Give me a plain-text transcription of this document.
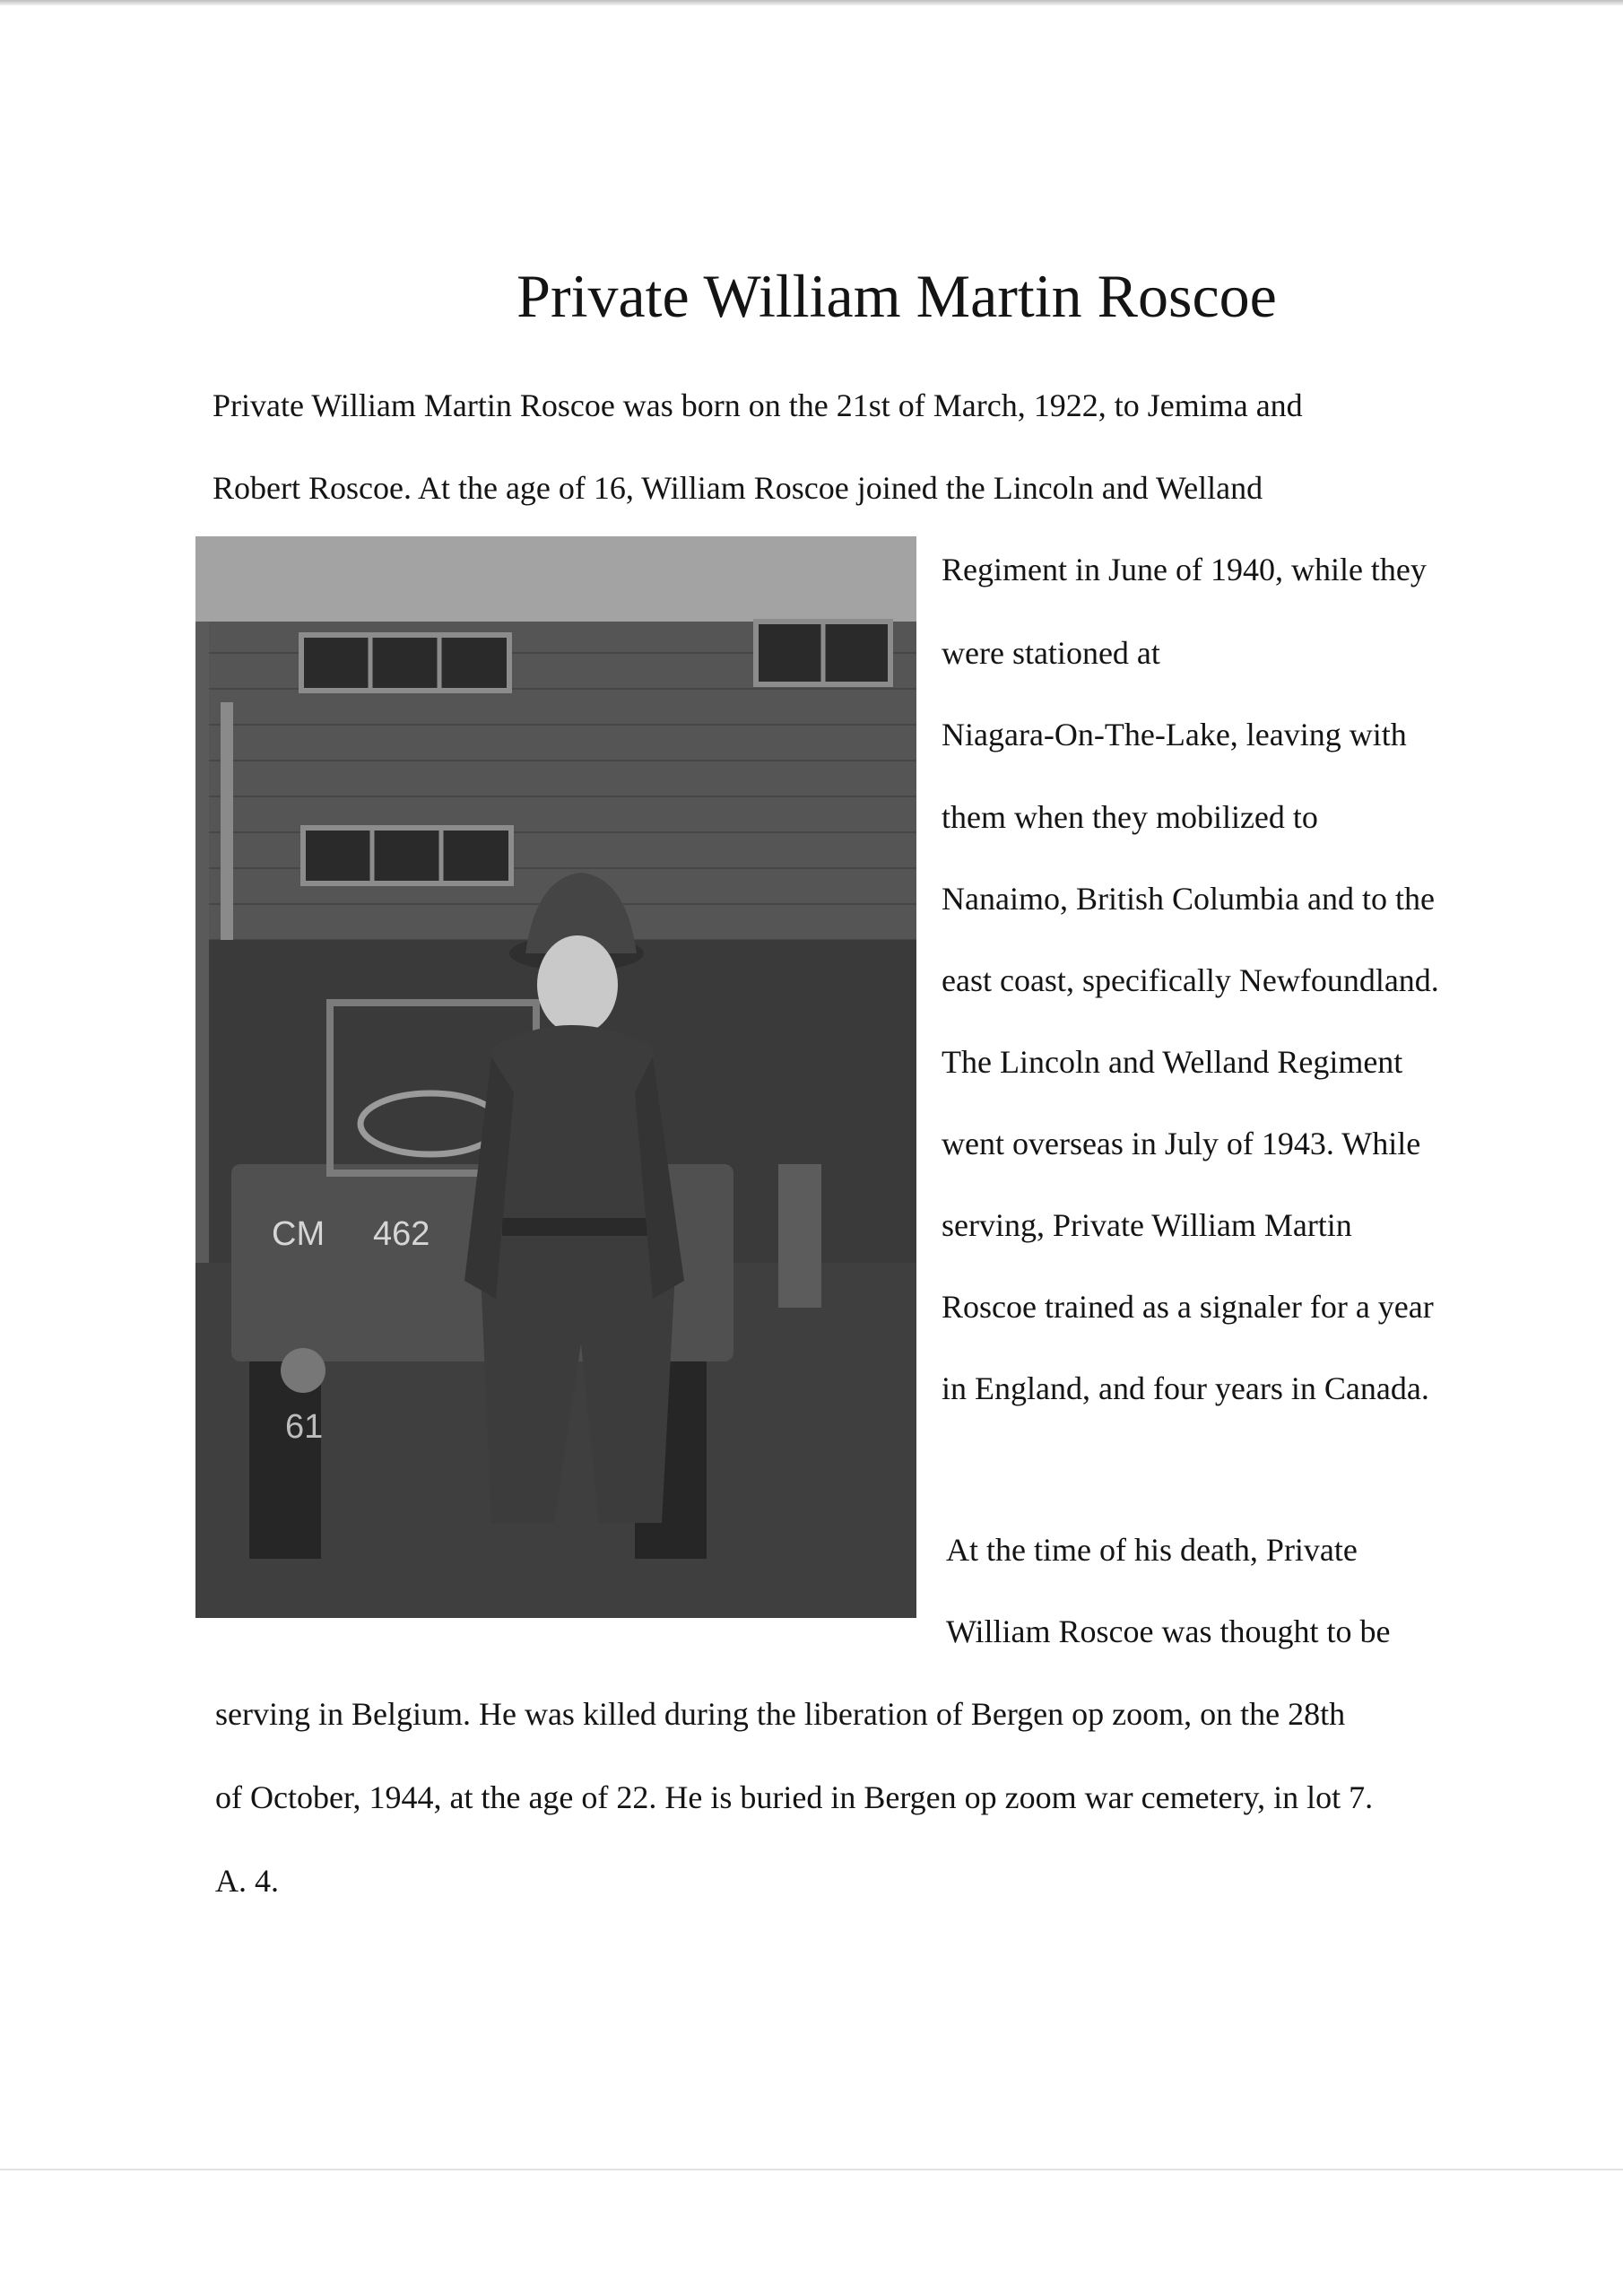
Private William Martin Roscoe
Private William Martin Roscoe was born on the 21st of March, 1922, to Jemima and
Robert Roscoe. At the age of 16, William Roscoe joined the Lincoln and Welland
CM 462
61
Regiment in June of 1940, while they
were stationed at
Niagara-On-The-Lake, leaving with
them when they mobilized to
Nanaimo, British Columbia and to the
east coast, specifically Newfoundland.
The Lincoln and Welland Regiment
went overseas in July of 1943. While
serving, Private William Martin
Roscoe trained as a signaler for a year
in England, and four years in Canada.
At the time of his death, Private
William Roscoe was thought to be
serving in Belgium. He was killed during the liberation of Bergen op zoom, on the 28th
of October, 1944, at the age of 22. He is buried in Bergen op zoom war cemetery, in lot 7.
A. 4.
